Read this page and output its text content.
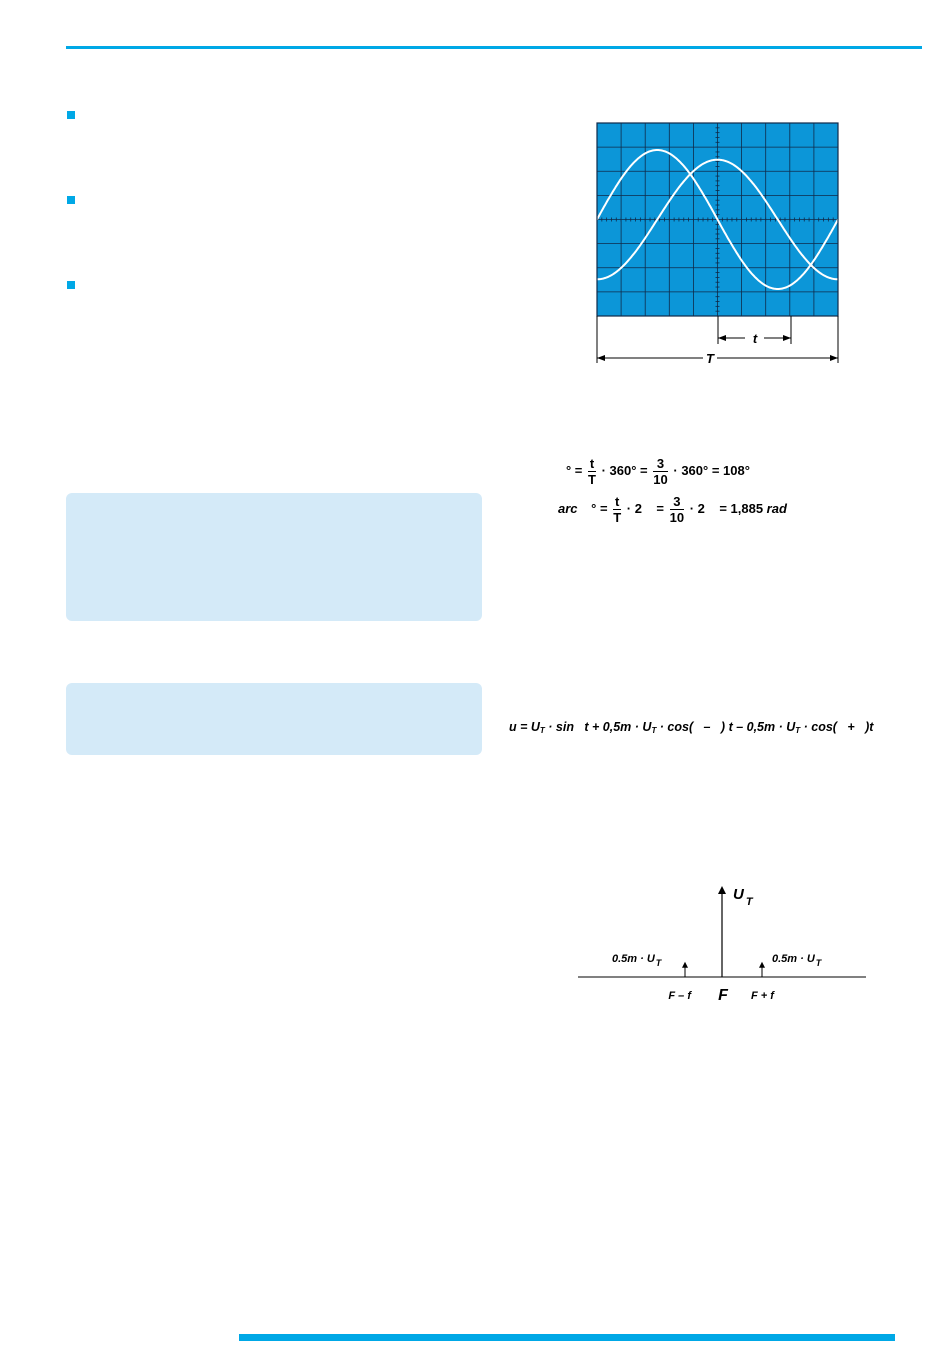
t
T
° = $\frac{t}{T} \cdot 360^\circ = \frac{3}{10} \cdot 360^\circ = 108^\circ$
arc ° = $\frac{t}{T} \cdot 2$    = $\frac{3}{10} \cdot 2$    = 1,885 rad
$u = U_T \cdot \sin t + 0,5m \cdot U_T \cdot \cos$(   –   ) $t - 0,5m \cdot U_T \cdot \cos( + )t$
U $_T$
$0.5m \cdot U_T$	$0.5m \cdot U_T$
F – f F F + f
